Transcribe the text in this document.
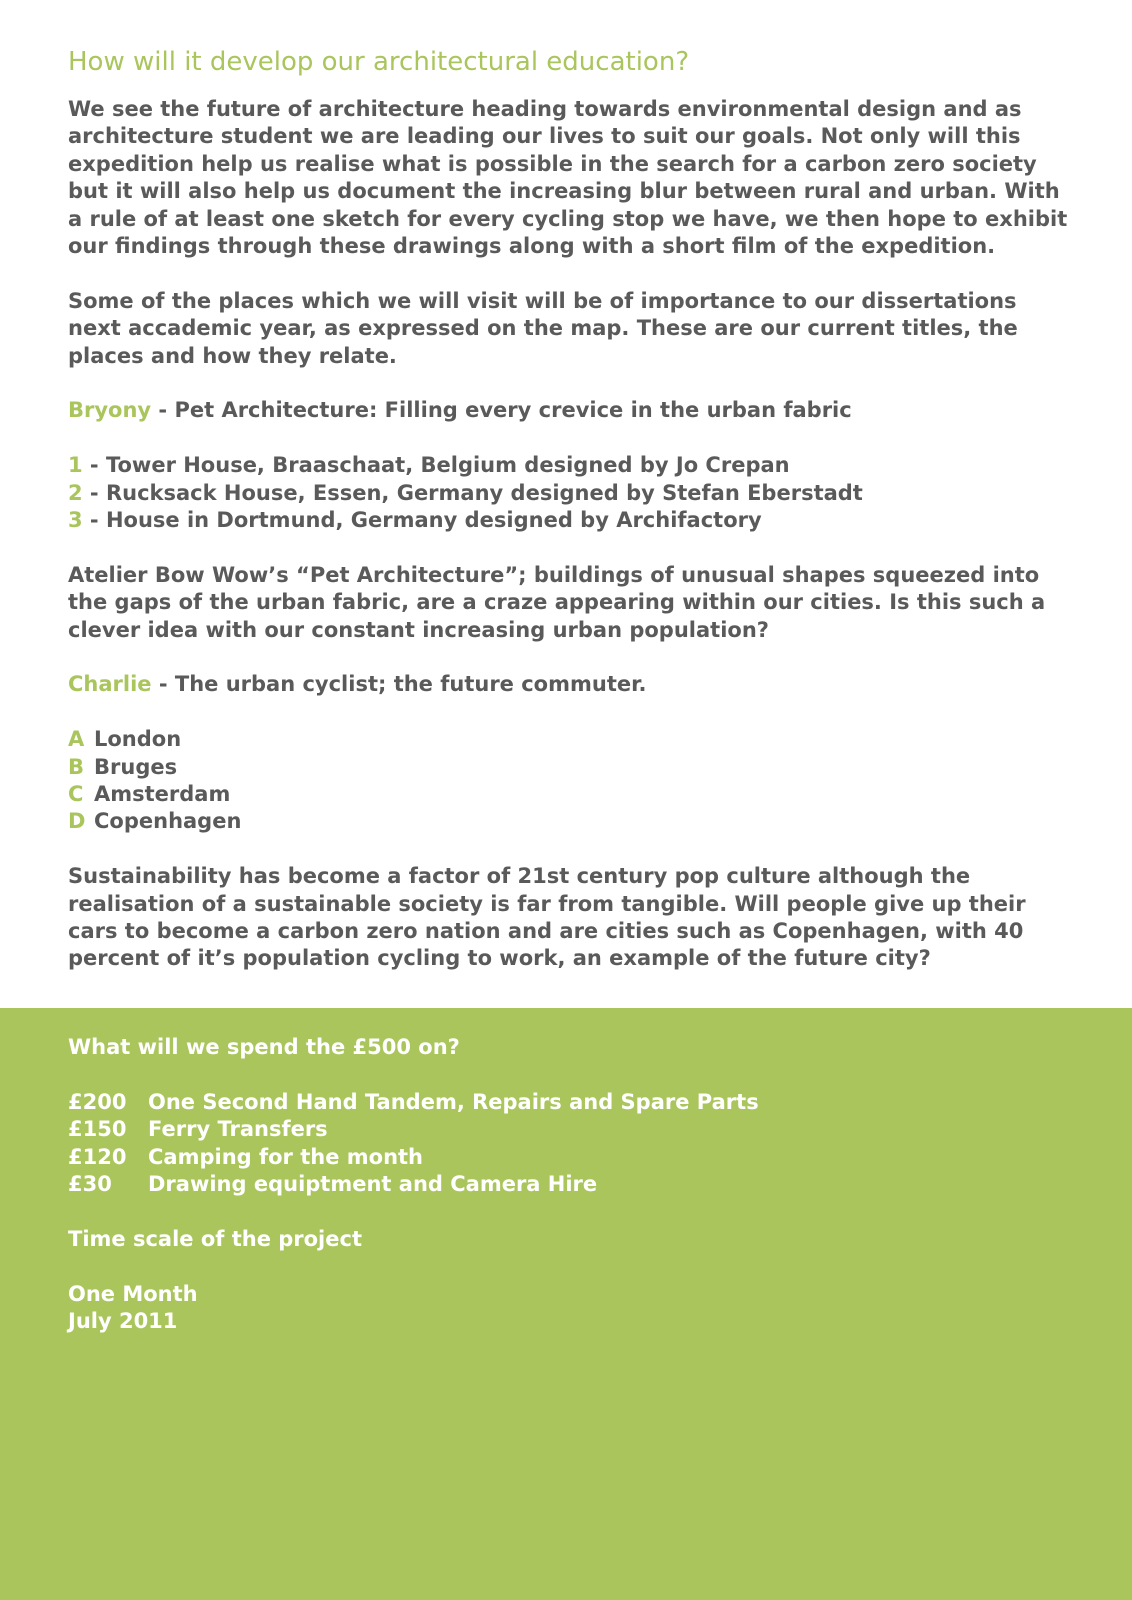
How will it develop our architectural education?

We see the future of architecture heading towards environmental design and as architecture student we are leading our lives to suit our goals. Not only will this expedition help us realise what is possible in the search for a carbon zero society but it will also help us document the increasing blur between rural and urban. With a rule of at least one sketch for every cycling stop we have, we then hope to exhibit our findings through these drawings along with a short film of the expedition.

Some of the places which we will visit will be of importance to our dissertations next accademic year, as expressed on the map. These are our current titles, the places and how they relate.

Bryony - Pet Architecture: Filling every crevice in the urban fabric

1 - Tower House, Braaschaat, Belgium designed by Jo Crepan

2 - Rucksack House, Essen, Germany designed by Stefan Eberstadt

3 - House in Dortmund, Germany designed by Archifactory

Atelier Bow Wow’s “Pet Architecture”; buildings of unusual shapes squeezed into the gaps of the urban fabric, are a craze appearing within our cities. Is this such a clever idea with our constant increasing urban population?

Charlie - The urban cyclist; the future commuter.

A London

B Bruges

C Amsterdam

D Copenhagen

Sustainability has become a factor of 21st century pop culture although the realisation of a sustainable society is far from tangible. Will people give up their cars to become a carbon zero nation and are cities such as Copenhagen, with 40 percent of it’s population cycling to work, an example of the future city?

What will we spend the £500 on?

£200 One Second Hand Tandem, Repairs and Spare Parts

£150 Ferry Transfers

£120 Camping for the month

£30 Drawing equiptment and Camera Hire

Time scale of the project

One Month

July 2011
